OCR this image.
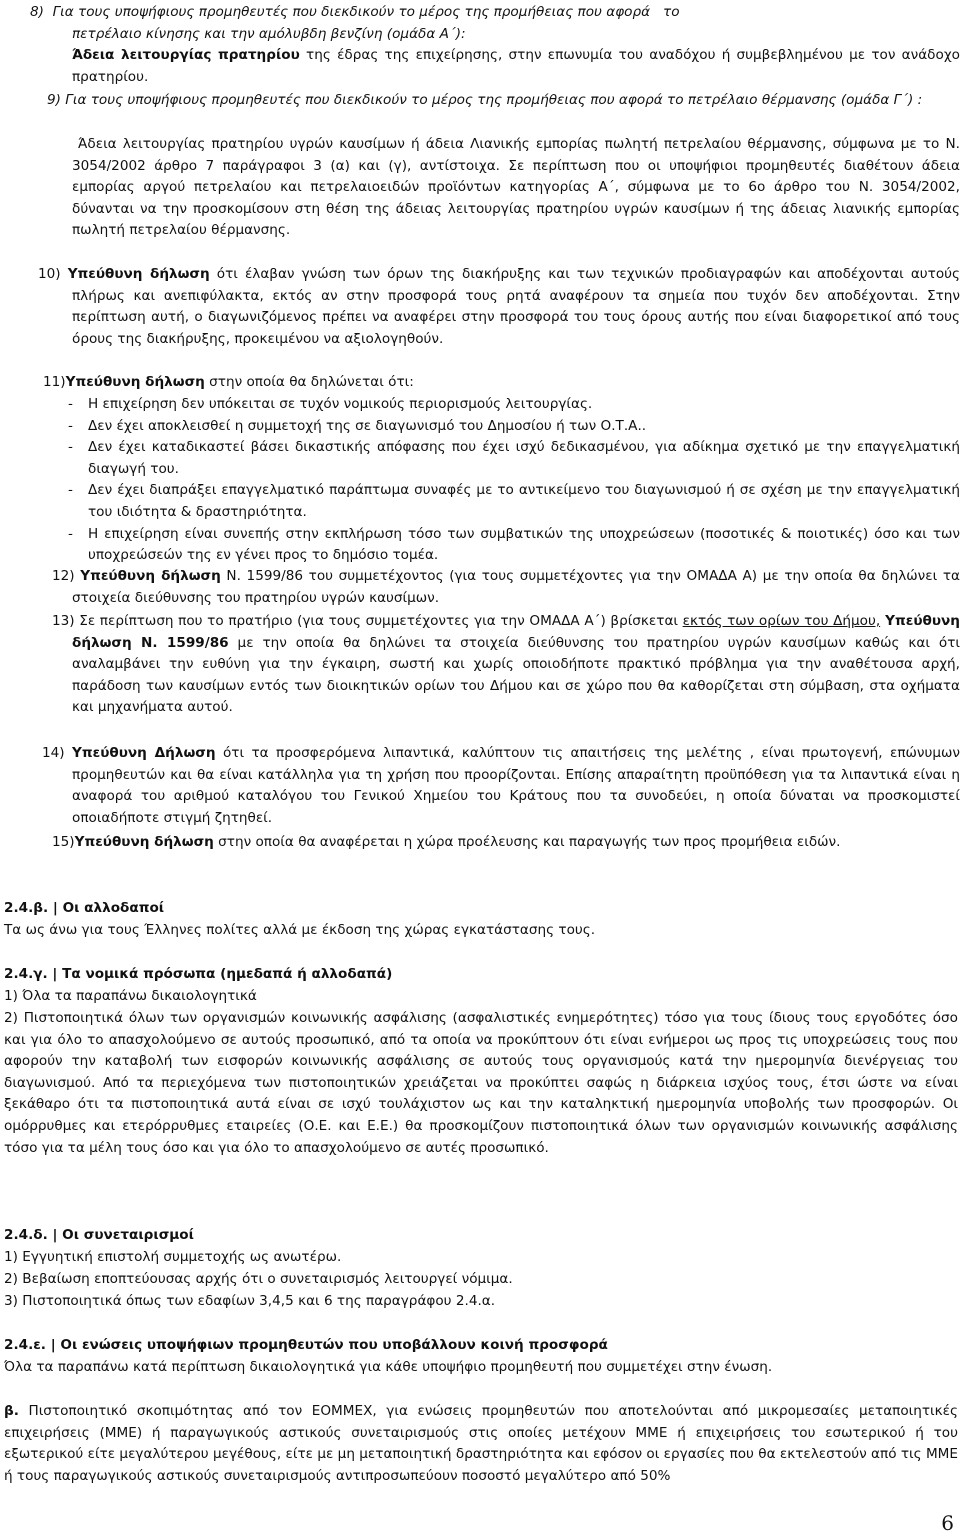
8)  Για τους υποψήφιους προμηθευτές που διεκδικούν το μέρος της προμήθειας που αφορά   το
πετρέλαιο κίνησης και την αμόλυβδη βενζίνη (ομάδα Α΄):
Άδεια λειτουργίας πρατηρίου της έδρας της επιχείρησης, στην επωνυμία του αναδόχου ή συμβεβλημένου με τον ανάδοχο πρατηρίου.
9) Για τους υποψήφιους προμηθευτές που διεκδικούν το μέρος της προμήθειας που αφορά το πετρέλαιο θέρμανσης (ομάδα Γ΄) :
Άδεια λειτουργίας πρατηρίου υγρών καυσίμων ή άδεια Λιανικής εμπορίας πωλητή πετρελαίου θέρμανσης, σύμφωνα με το Ν. 3054/2002 άρθρο 7 παράγραφοι 3 (α) και (γ), αντίστοιχα. Σε περίπτωση που οι υποψήφιοι προμηθευτές διαθέτουν άδεια εμπορίας αργού πετρελαίου και πετρελαιοειδών προϊόντων κατηγορίας Α΄, σύμφωνα με το 6ο άρθρο του Ν. 3054/2002, δύνανται να την προσκομίσουν στη θέση της άδειας λειτουργίας πρατηρίου υγρών καυσίμων ή της άδειας λιανικής εμπορίας πωλητή πετρελαίου θέρμανσης.
10) Υπεύθυνη δήλωση ότι έλαβαν γνώση των όρων της διακήρυξης και των τεχνικών προδιαγραφών και αποδέχονται αυτούς πλήρως και ανεπιφύλακτα, εκτός αν στην προσφορά τους ρητά αναφέρουν τα σημεία που τυχόν δεν αποδέχονται. Στην περίπτωση αυτή, ο διαγωνιζόμενος πρέπει να αναφέρει στην προσφορά του τους όρους αυτής που είναι διαφορετικοί από τους όρους της διακήρυξης, προκειμένου να αξιολογηθούν.
11)Υπεύθυνη δήλωση στην οποία θα δηλώνεται ότι:
- Η επιχείρηση δεν υπόκειται σε τυχόν νομικούς περιορισμούς λειτουργίας.
- Δεν έχει αποκλεισθεί η συμμετοχή της σε διαγωνισμό του Δημοσίου ή των Ο.Τ.Α..
- Δεν έχει καταδικαστεί βάσει δικαστικής απόφασης που έχει ισχύ δεδικασμένου, για αδίκημα σχετικό με την επαγγελματική διαγωγή του.
- Δεν έχει διαπράξει επαγγελματικό παράπτωμα συναφές με το αντικείμενο του διαγωνισμού ή σε σχέση με την επαγγελματική του ιδιότητα & δραστηριότητα.
- Η επιχείρηση είναι συνεπής στην εκπλήρωση τόσο των συμβατικών της υποχρεώσεων (ποσοτικές & ποιοτικές) όσο και των υποχρεώσεών της εν γένει προς το δημόσιο τομέα.
12) Υπεύθυνη δήλωση Ν. 1599/86 του συμμετέχοντος (για τους συμμετέχοντες για την ΟΜΑΔΑ Α) με την οποία θα δηλώνει τα στοιχεία διεύθυνσης του πρατηρίου υγρών καυσίμων.
13) Σε περίπτωση που το πρατήριο (για τους συμμετέχοντες για την ΟΜΑΔΑ Α΄) βρίσκεται εκτός των ορίων του Δήμου, Υπεύθυνη δήλωση Ν. 1599/86 με την οποία θα δηλώνει τα στοιχεία διεύθυνσης του πρατηρίου υγρών καυσίμων καθώς και ότι αναλαμβάνει την ευθύνη για την έγκαιρη, σωστή και χωρίς οποιοδήποτε πρακτικό πρόβλημα για την αναθέτουσα αρχή, παράδοση των καυσίμων εντός των διοικητικών ορίων του Δήμου και σε χώρο που θα καθορίζεται στη σύμβαση, στα οχήματα και μηχανήματα αυτού.
14) Υπεύθυνη Δήλωση ότι τα προσφερόμενα λιπαντικά, καλύπτουν τις απαιτήσεις της μελέτης , είναι πρωτογενή, επώνυμων προμηθευτών και θα είναι κατάλληλα για τη χρήση που προορίζονται. Επίσης απαραίτητη προϋπόθεση για τα λιπαντικά είναι η αναφορά του αριθμού καταλόγου του Γενικού Χημείου του Κράτους που τα συνοδεύει, η οποία δύναται να προσκομιστεί οποιαδήποτε στιγμή ζητηθεί.
15)Υπεύθυνη δήλωση στην οποία θα αναφέρεται η χώρα προέλευσης και παραγωγής των προς προμήθεια ειδών.
2.4.β. | Οι αλλοδαποί
Τα ως άνω για τους Έλληνες πολίτες αλλά με έκδοση της χώρας εγκατάστασης τους.
2.4.γ. | Τα νομικά πρόσωπα (ημεδαπά ή αλλοδαπά)
1) Όλα τα παραπάνω δικαιολογητικά
2) Πιστοποιητικά όλων των οργανισμών κοινωνικής ασφάλισης (ασφαλιστικές ενημερότητες) τόσο για τους ίδιους τους εργοδότες όσο και για όλο το απασχολούμενο σε αυτούς προσωπικό, από τα οποία να προκύπτουν ότι είναι ενήμεροι ως προς τις υποχρεώσεις τους που αφορούν την καταβολή των εισφορών κοινωνικής ασφάλισης σε αυτούς τους οργανισμούς κατά την ημερομηνία διενέργειας του διαγωνισμού. Από τα περιεχόμενα των πιστοποιητικών χρειάζεται να προκύπτει σαφώς η διάρκεια ισχύος τους, έτσι ώστε να είναι ξεκάθαρο ότι τα πιστοποιητικά αυτά είναι σε ισχύ τουλάχιστον ως και την καταληκτική ημερομηνία υποβολής των προσφορών. Οι ομόρρυθμες και ετερόρρυθμες εταιρείες (Ο.Ε. και Ε.Ε.) θα προσκομίζουν πιστοποιητικά όλων των οργανισμών κοινωνικής ασφάλισης τόσο για τα μέλη τους όσο και για όλο το απασχολούμενο σε αυτές προσωπικό.
2.4.δ. | Οι συνεταιρισμοί
1) Εγγυητική επιστολή συμμετοχής ως ανωτέρω.
2) Βεβαίωση εποπτεύουσας αρχής ότι ο συνεταιρισμός λειτουργεί νόμιμα.
3) Πιστοποιητικά όπως των εδαφίων 3,4,5 και 6 της παραγράφου 2.4.α.
2.4.ε. | Οι ενώσεις υποψήφιων προμηθευτών που υποβάλλουν κοινή προσφορά
Όλα τα παραπάνω κατά περίπτωση δικαιολογητικά για κάθε υποψήφιο προμηθευτή που συμμετέχει στην ένωση.
β. Πιστοποιητικό σκοπιμότητας από τον ΕΟΜΜΕΧ, για ενώσεις προμηθευτών που αποτελούνται από μικρομεσαίες μεταποιητικές επιχειρήσεις (ΜΜΕ) ή παραγωγικούς αστικούς συνεταιρισμούς στις οποίες μετέχουν ΜΜΕ ή επιχειρήσεις του εσωτερικού ή του εξωτερικού είτε μεγαλύτερου μεγέθους, είτε με μη μεταποιητική δραστηριότητα και εφόσον οι εργασίες που θα εκτελεστούν από τις ΜΜΕ ή τους παραγωγικούς αστικούς συνεταιρισμούς αντιπροσωπεύουν ποσοστό μεγαλύτερο από 50%
6
